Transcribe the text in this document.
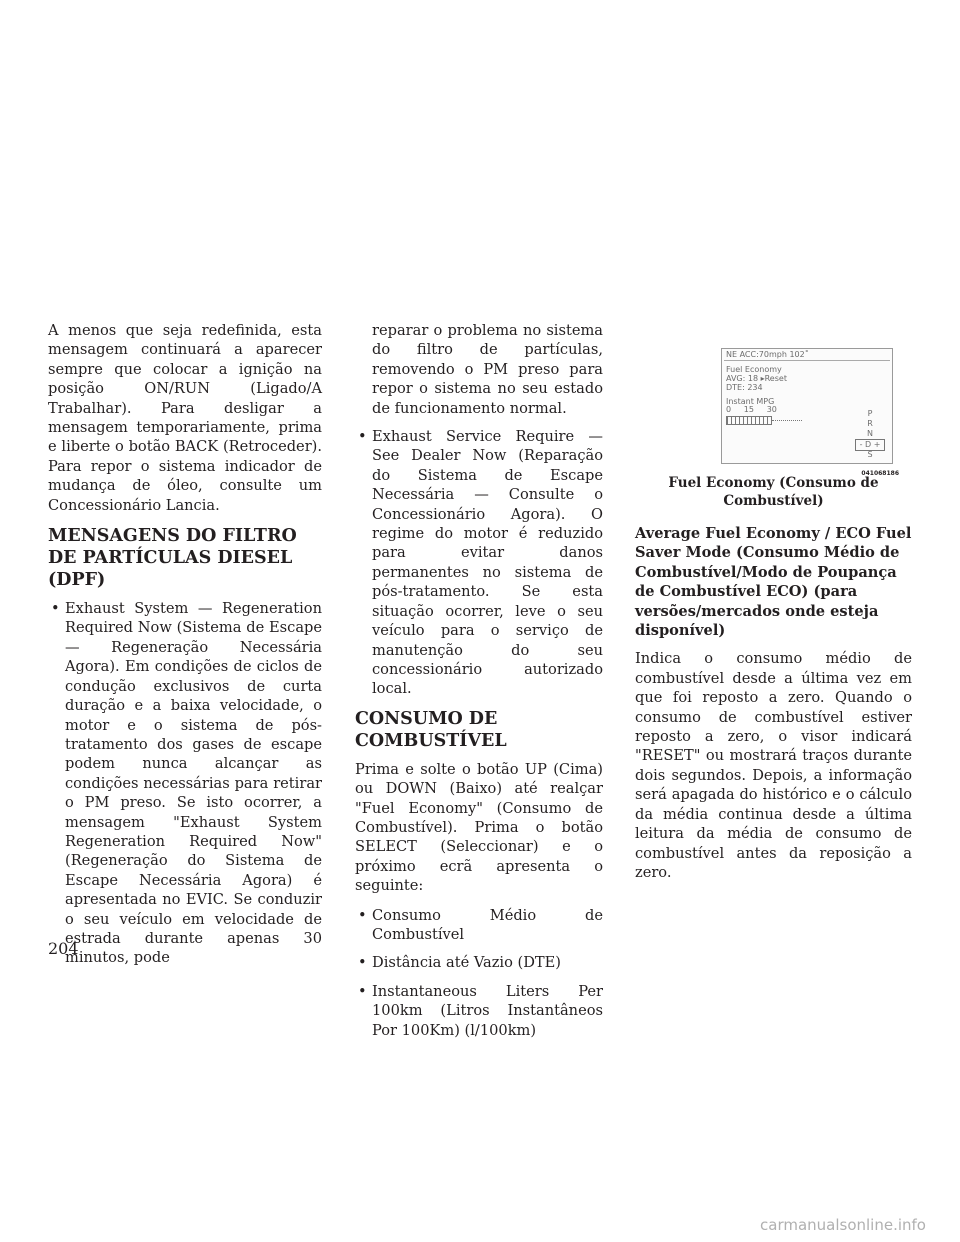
A menos que seja redefinida, esta mensagem continuará a aparecer sempre que colocar a ignição na posição ON/RUN (Ligado/A Trabalhar). Para desligar a mensagem temporariamente, prima e liberte o botão BACK (Retroceder). Para repor o sistema indicador de mudança de óleo, consulte um Concessionário Lancia.

MENSAGENS DO FILTRO DE PARTÍCULAS DIESEL (DPF)
• Exhaust System — Regeneration Required Now (Sistema de Escape — Regeneração Necessária Agora). Em condições de ciclos de condução exclusivos de curta duração e a baixa velocidade, o motor e o sistema de pós-tratamento dos gases de escape podem nunca alcançar as condições necessárias para retirar o PM preso. Se isto ocorrer, a mensagem "Exhaust System Regeneration Required Now" (Regeneração do Sistema de Escape Necessária Agora) é apresentada no EVIC. Se conduzir o seu veículo em velocidade de estrada durante apenas 30 minutos, pode
reparar o problema no sistema do filtro de partículas, removendo o PM preso para repor o sistema no seu estado de funcionamento normal.
• Exhaust Service Require — See Dealer Now (Reparação do Sistema de Escape Necessária — Consulte o Concessionário Agora). O regime do motor é reduzido para evitar danos permanentes no sistema de pós-tratamento. Se esta situação ocorrer, leve o seu veículo para o serviço de manutenção do seu concessionário autorizado local.
CONSUMO DE COMBUSTÍVEL

Prima e solte o botão UP (Cima) ou DOWN (Baixo) até realçar "Fuel Economy" (Consumo de Combustível). Prima o botão SELECT (Seleccionar) e o próximo ecrã apresenta o seguinte:

• Consumo Médio de Combustível
• Distância até Vazio (DTE)
• Instantaneous Liters Per 100km (Litros Instantâneos Por 100Km) (l/100km)
NE ACC:70mph 102˚
Fuel Economy
AVG: 18 ▸Reset
DTE: 234
Instant MPG
0     15     30	P
R
N
- D +
S
041068186
Fuel Economy (Consumo de Combustível)
Average Fuel Economy / ECO Fuel Saver Mode (Consumo Médio de Combustível/Modo de Poupança de Combustível ECO) (para versões/mercados onde esteja disponível)

Indica o consumo médio de combustível desde a última vez em que foi reposto a zero. Quando o consumo de combustível estiver reposto a zero, o visor indicará "RESET" ou mostrará traços durante dois segundos. Depois, a informação será apagada do histórico e o cálculo da média continua desde a última leitura da média de consumo de combustível antes da reposição a zero.

204
carmanualsonline.info
